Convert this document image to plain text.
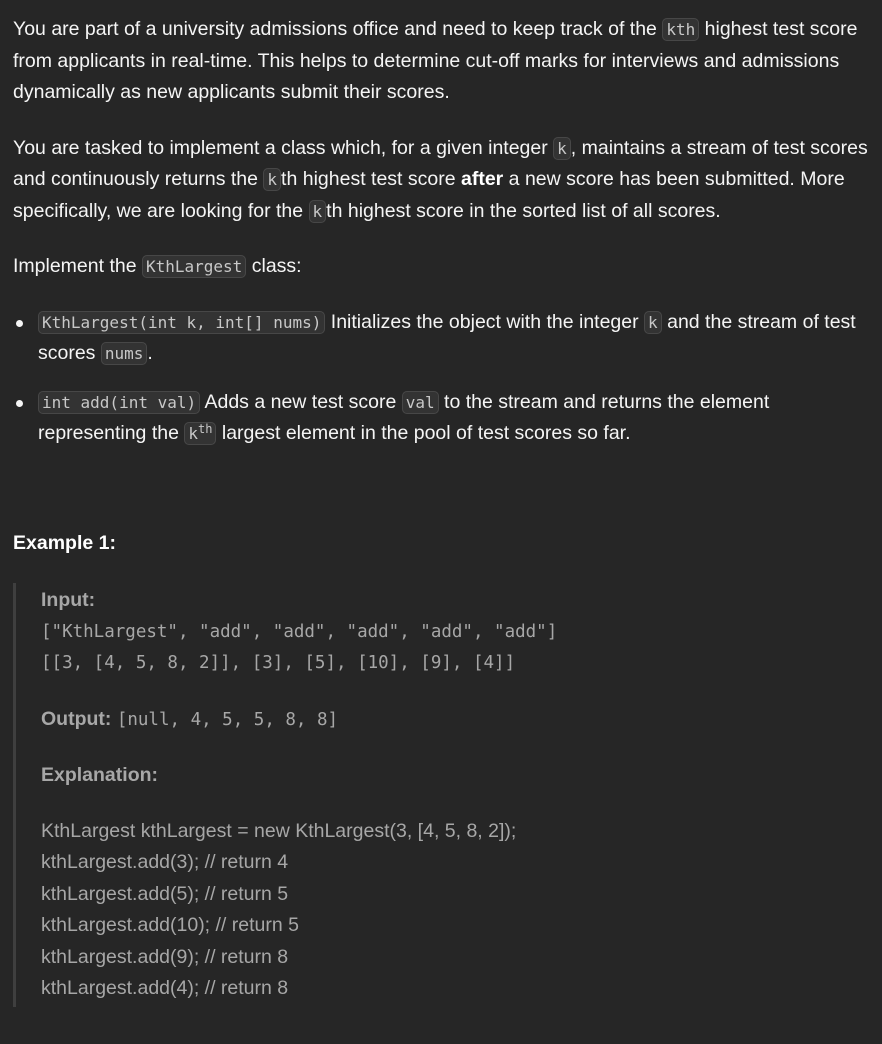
You are part of a university admissions office and need to keep track of the kth highest test score from applicants in real-time. This helps to determine cut-off marks for interviews and admissions dynamically as new applicants submit their scores.

You are tasked to implement a class which, for a given integer k , maintains a stream of test scores and continuously returns the k th highest test score after a new score has been submitted. More specifically, we are looking for the k th highest score in the sorted list of all scores.

Implement the KthLargest class:

KthLargest(int k, int[] nums) Initializes the object with the integer k and the stream of test scores nums .
int add(int val) Adds a new test score val to the stream and returns the element representing the $k^{th}$ largest element in the pool of test scores so far.

Example 1:

Input:
["KthLargest", "add", "add", "add", "add", "add"]
[[3, [4, 5, 8, 2]], [3], [5], [10], [9], [4]]
Output: [null, 4, 5, 5, 8, 8]
Explanation:
KthLargest kthLargest = new KthLargest(3, [4, 5, 8, 2]);
kthLargest.add(3); // return 4
kthLargest.add(5); // return 5
kthLargest.add(10); // return 5
kthLargest.add(9); // return 8
kthLargest.add(4); // return 8
